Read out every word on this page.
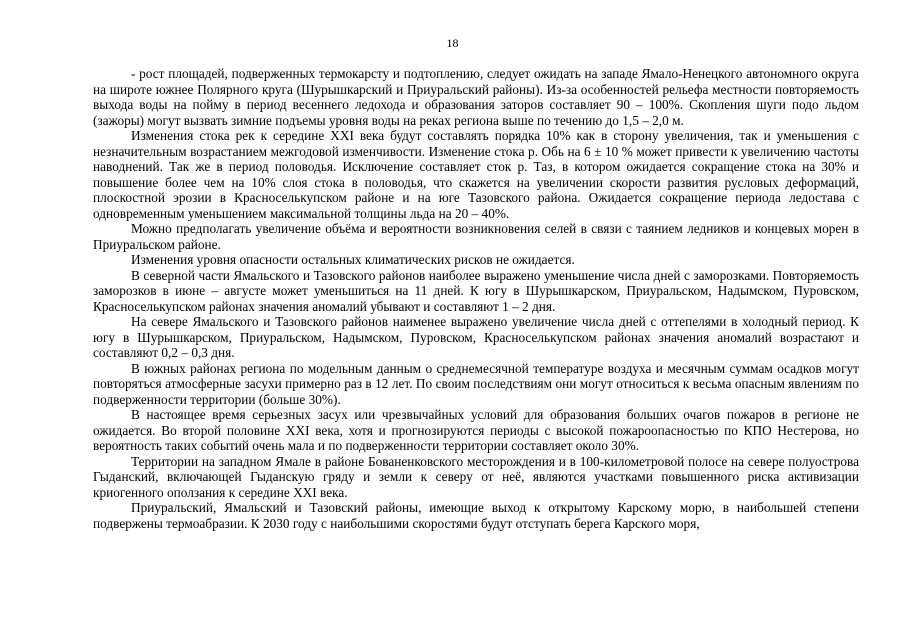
18

- рост площадей, подверженных термокарсту и подтоплению, следует ожидать на западе Ямало-Ненецкого автономного округа на широте южнее Полярного круга (Шурышкарский и Приуральский районы). Из-за особенностей рельефа местности повторяемость выхода воды на пойму в период весеннего ледохода и образования заторов составляет 90 – 100%. Скопления шуги подо льдом (зажоры) могут вызвать зимние подъемы уровня воды на реках региона выше по течению до 1,5 – 2,0 м.

Изменения стока рек к середине XXI века будут составлять порядка 10% как в сторону увеличения, так и уменьшения с незначительным возрастанием межгодовой изменчивости. Изменение стока р. Обь на 6 ± 10 % может привести к увеличению частоты наводнений. Так же в период половодья. Исключение составляет сток р. Таз, в котором ожидается сокращение стока на 30% и повышение более чем на 10% слоя стока в половодья, что скажется на увеличении скорости развития русловых деформаций, плоскостной эрозии в Красноселькупском районе и на юге Тазовского района. Ожидается сокращение периода ледостава с одновременным уменьшением максимальной толщины льда на 20 – 40%.

Можно предполагать увеличение объёма и вероятности возникновения селей в связи с таянием ледников и концевых морен в Приуральском районе.

Изменения уровня опасности остальных климатических рисков не ожидается.

В северной части Ямальского и Тазовского районов наиболее выражено уменьшение числа дней с заморозками. Повторяемость заморозков в июне – августе может уменьшиться на 11 дней. К югу в Шурышкарском, Приуральском, Надымском, Пуровском, Красноселькупском районах значения аномалий убывают и составляют 1 – 2 дня.

На севере Ямальского и Тазовского районов наименее выражено увеличение числа дней с оттепелями в холодный период. К югу в Шурышкарском, Приуральском, Надымском, Пуровском, Красноселькупском районах значения аномалий возрастают и составляют 0,2 – 0,3 дня.

В южных районах региона по модельным данным о среднемесячной температуре воздуха и месячным суммам осадков могут повторяться атмосферные засухи примерно раз в 12 лет. По своим последствиям они могут относиться к весьма опасным явлениям по подверженности территории (больше 30%).

В настоящее время серьезных засух или чрезвычайных условий для образования больших очагов пожаров в регионе не ожидается. Во второй половине XXI века, хотя и прогнозируются периоды с высокой пожароопасностью по КПО Нестерова, но вероятность таких событий очень мала и по подверженности территории составляет около 30%.

Территории на западном Ямале в районе Бованенковского месторождения и в 100-километровой полосе на севере полуострова Гыданский, включающей Гыданскую гряду и земли к северу от неё, являются участками повышенного риска активизации криогенного оползания к середине XXI века.

Приуральский, Ямальский и Тазовский районы, имеющие выход к открытому Карскому морю, в наибольшей степени подвержены термоабразии. К 2030 году с наибольшими скоростями будут отступать берега Карского моря,
